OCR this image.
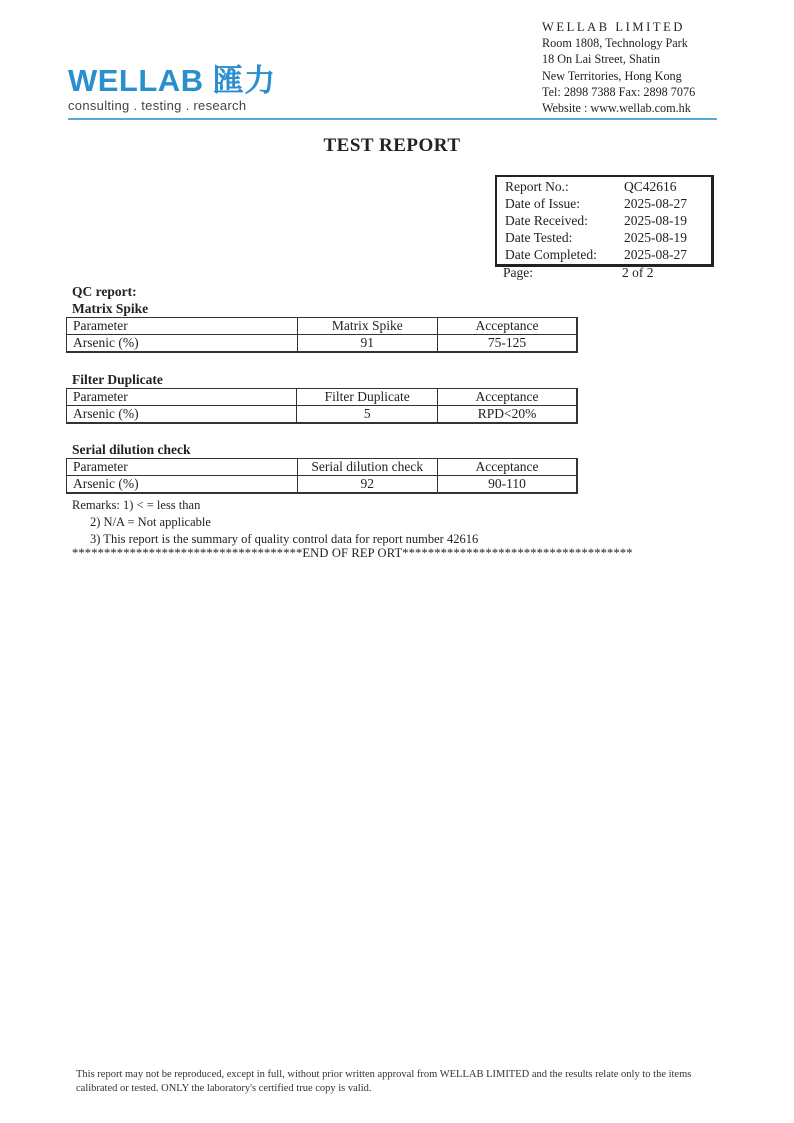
WELLAB 匯力
consulting . testing . research
WELLAB LIMITED
Room 1808, Technology Park
18 On Lai Street, Shatin
New Territories, Hong Kong
Tel: 2898 7388 Fax: 2898 7076
Website : www.wellab.com.hk
TEST REPORT
Report No.:	QC42616
Date of Issue:	2025-08-27
Date Received:	2025-08-19
Date Tested:	2025-08-19
Date Completed: 2025-08-27
Page:	2 of 2
QC report:
Matrix Spike
Parameter	Matrix Spike	Acceptance
Arsenic (%)	91	75-125
Filter Duplicate
Parameter	Filter Duplicate	Acceptance
Arsenic (%)	5	RPD<20%
Serial dilution check
Parameter	Serial dilution check	Acceptance
Arsenic (%)	92	90-110
Remarks: 1) < = less than
2) N/A = Not applicable
3) This report is the summary of quality control data for report number 42616
************************************END OF REP ORT************************************
This report may not be reproduced, except in full, without prior written approval from WELLAB LIMITED and the results relate only to the items calibrated or tested. ONLY the laboratory's certified true copy is valid.
